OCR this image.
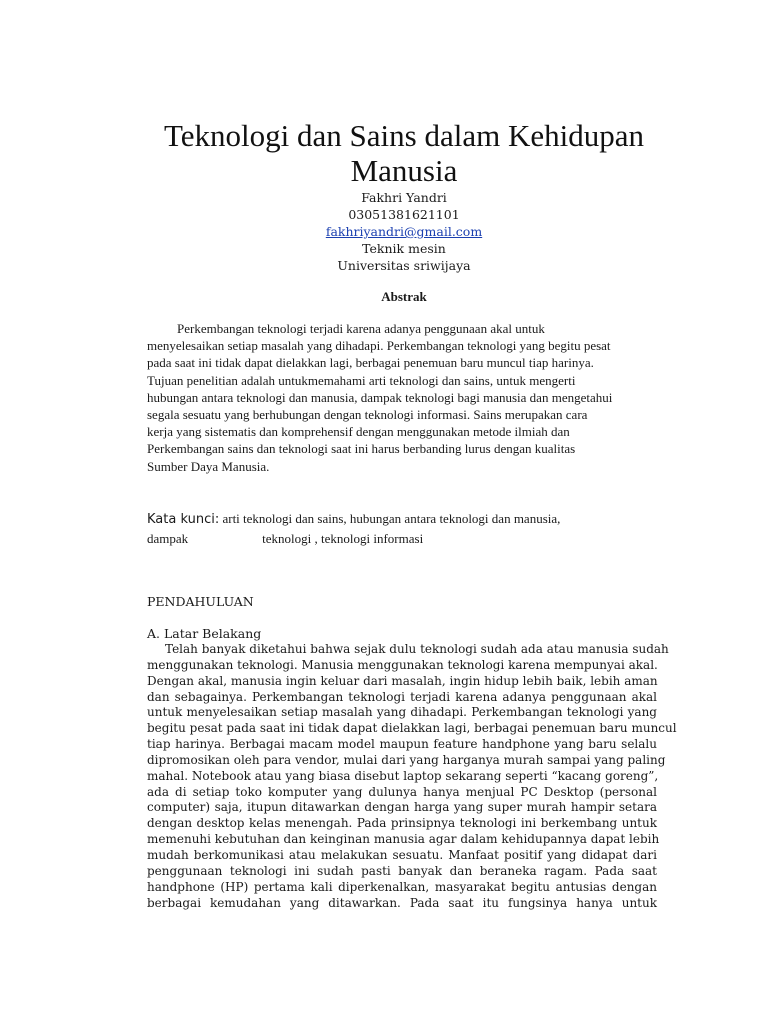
Teknologi dan Sains dalam Kehidupan
Manusia
Fakhri Yandri
03051381621101
fakhriyandri@gmail.com
Teknik mesin
Universitas sriwijaya
Abstrak
Perkembangan teknologi terjadi karena adanya penggunaan akal untuk
menyelesaikan setiap masalah yang dihadapi. Perkembangan teknologi yang begitu pesat
pada saat ini tidak dapat dielakkan lagi, berbagai penemuan baru muncul tiap harinya.
Tujuan penelitian adalah untukmemahami arti teknologi dan sains, untuk mengerti
hubungan antara teknologi dan manusia, dampak teknologi bagi manusia dan mengetahui
segala sesuatu yang berhubungan dengan teknologi informasi. Sains merupakan cara
kerja yang sistematis dan komprehensif dengan menggunakan metode ilmiah dan
Perkembangan sains dan teknologi saat ini harus berbanding lurus dengan kualitas
Sumber Daya Manusia.
Kata kunci: arti teknologi dan sains, hubungan antara teknologi dan manusia,
dampak	teknologi , teknologi informasi
PENDAHULUAN
A. Latar Belakang
Telah banyak diketahui bahwa sejak dulu teknologi sudah ada atau manusia sudah
menggunakan teknologi. Manusia menggunakan teknologi karena mempunyai akal.
Dengan akal, manusia ingin keluar dari masalah, ingin hidup lebih baik, lebih aman
dan sebagainya. Perkembangan teknologi terjadi karena adanya penggunaan akal
untuk menyelesaikan setiap masalah yang dihadapi. Perkembangan teknologi yang
begitu pesat pada saat ini tidak dapat dielakkan lagi, berbagai penemuan baru muncul
tiap harinya. Berbagai macam model maupun feature handphone yang baru selalu
dipromosikan oleh para vendor, mulai dari yang harganya murah sampai yang paling
mahal. Notebook atau yang biasa disebut laptop sekarang seperti “kacang goreng”,
ada di setiap toko komputer yang dulunya hanya menjual PC Desktop (personal
computer) saja, itupun ditawarkan dengan harga yang super murah hampir setara
dengan desktop kelas menengah. Pada prinsipnya teknologi ini berkembang untuk
memenuhi kebutuhan dan keinginan manusia agar dalam kehidupannya dapat lebih
mudah berkomunikasi atau melakukan sesuatu. Manfaat positif yang didapat dari
penggunaan teknologi ini sudah pasti banyak dan beraneka ragam. Pada saat
handphone (HP) pertama kali diperkenalkan, masyarakat begitu antusias dengan
berbagai kemudahan yang ditawarkan. Pada saat itu fungsinya hanya untuk
